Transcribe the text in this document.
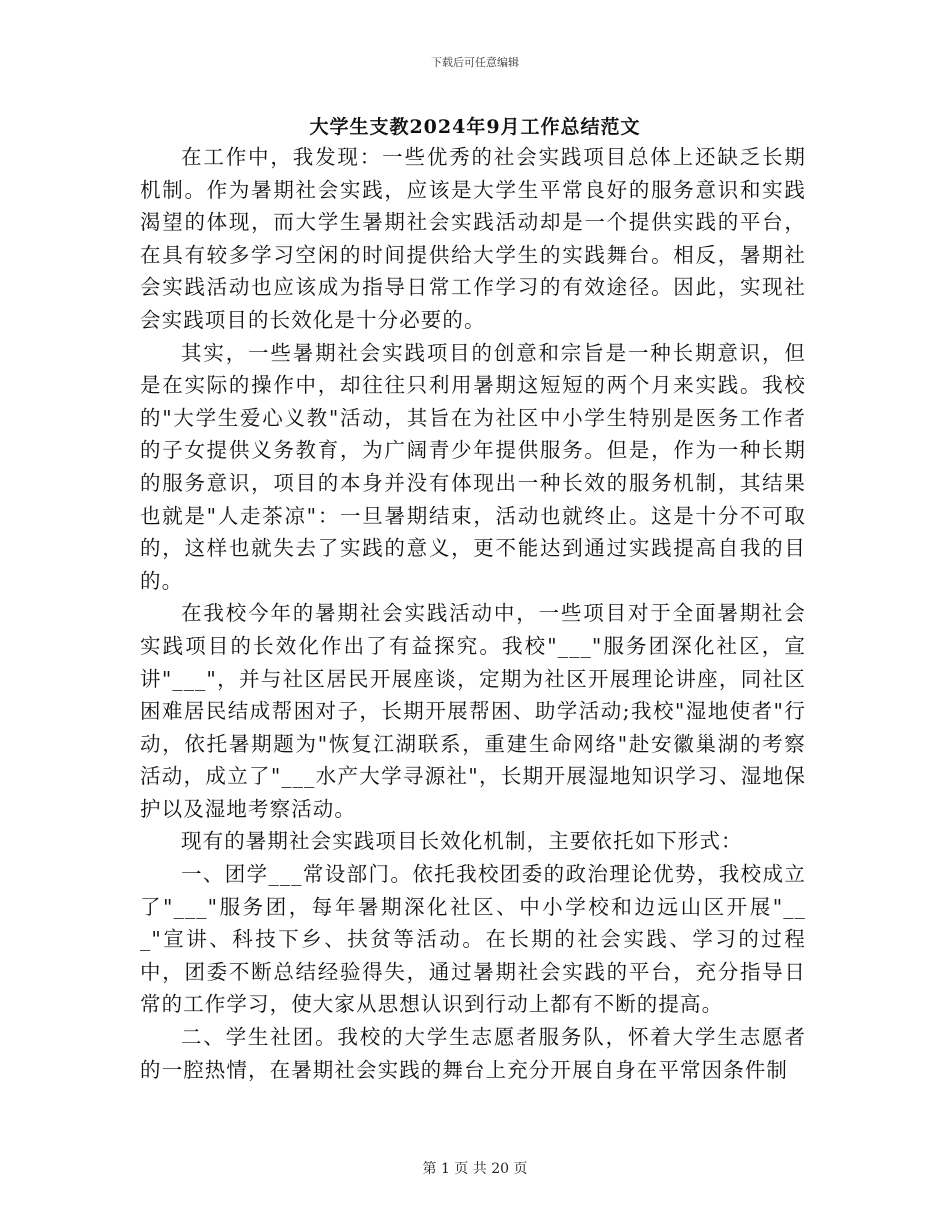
下载后可任意编辑
大学生支教2024年9月工作总结范文

在工作中，我发现：一些优秀的社会实践项目总体上还缺乏长期机制。作为暑期社会实践，应该是大学生平常良好的服务意识和实践渴望的体现，而大学生暑期社会实践活动却是一个提供实践的平台，在具有较多学习空闲的时间提供给大学生的实践舞台。相反，暑期社会实践活动也应该成为指导日常工作学习的有效途径。因此，实现社会实践项目的长效化是十分必要的。

其实，一些暑期社会实践项目的创意和宗旨是一种长期意识，但是在实际的操作中，却往往只利用暑期这短短的两个月来实践。我校的"大学生爱心义教"活动，其旨在为社区中小学生特别是医务工作者的子女提供义务教育，为广阔青少年提供服务。但是，作为一种长期的服务意识，项目的本身并没有体现出一种长效的服务机制，其结果也就是"人走茶凉"：一旦暑期结束，活动也就终止。这是十分不可取的，这样也就失去了实践的意义，更不能达到通过实践提高自我的目的。

在我校今年的暑期社会实践活动中，一些项目对于全面暑期社会实践项目的长效化作出了有益探究。我校"___"服务团深化社区，宣讲"___"，并与社区居民开展座谈，定期为社区开展理论讲座，同社区困难居民结成帮困对子，长期开展帮困、助学活动;我校"湿地使者"行动，依托暑期题为"恢复江湖联系，重建生命网络"赴安徽巢湖的考察活动，成立了"___水产大学寻源社"，长期开展湿地知识学习、湿地保护以及湿地考察活动。

现有的暑期社会实践项目长效化机制，主要依托如下形式：

一、团学___常设部门。依托我校团委的政治理论优势，我校成立了"___"服务团，每年暑期深化社区、中小学校和边远山区开展"___"宣讲、科技下乡、扶贫等活动。在长期的社会实践、学习的过程中，团委不断总结经验得失，通过暑期社会实践的平台，充分指导日常的工作学习，使大家从思想认识到行动上都有不断的提高。

二、学生社团。我校的大学生志愿者服务队，怀着大学生志愿者的一腔热情，在暑期社会实践的舞台上充分开展自身在平常因条件制

第 1 页 共 20 页
